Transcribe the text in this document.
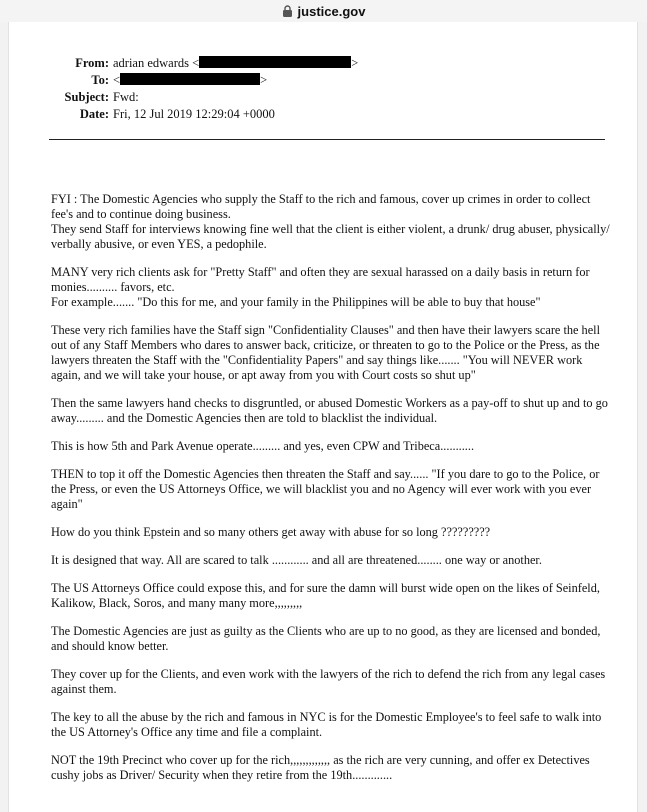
justice.gov
From: adrian edwards <	>
To: <	>
Subject: Fwd:
Date: Fri, 12 Jul 2019 12:29:04 +0000

FYI : The Domestic Agencies who supply the Staff to the rich and famous, cover up crimes in order to collect fee's and to continue doing business.
They send Staff for interviews knowing fine well that the client is either violent, a drunk/ drug abuser, physically/ verbally abusive, or even YES, a pedophile.

MANY very rich clients ask for "Pretty Staff" and often they are sexual harassed on a daily basis in return for monies.......... favors, etc.
For example....... "Do this for me, and your family in the Philippines will be able to buy that house"

These very rich families have the Staff sign "Confidentiality Clauses" and then have their lawyers scare the hell out of any Staff Members who dares to answer back, criticize, or threaten to go to the Police or the Press, as the lawyers threaten the Staff with the "Confidentiality Papers" and say things like....... "You will NEVER work again, and we will take your house, or apt away from you with Court costs so shut up"

Then the same lawyers hand checks to disgruntled, or abused Domestic Workers as a pay-off to shut up and to go away......... and the Domestic Agencies then are told to blacklist the individual.

This is how 5th and Park Avenue operate......... and yes, even CPW and Tribeca...........

THEN to top it off the Domestic Agencies then threaten the Staff and say...... "If you dare to go to the Police, or the Press, or even the US Attorneys Office, we will blacklist you and no Agency will ever work with you ever again"

How do you think Epstein and so many others get away with abuse for so long ?????????

It is designed that way. All are scared to talk ............ and all are threatened........ one way or another.

The US Attorneys Office could expose this, and for sure the damn will burst wide open on the likes of Seinfeld, Kalikow, Black, Soros, and many many more,,,,,,,,,

The Domestic Agencies are just as guilty as the Clients who are up to no good, as they are licensed and bonded, and should know better.

They cover up for the Clients, and even work with the lawyers of the rich to defend the rich from any legal cases against them.

The key to all the abuse by the rich and famous in NYC is for the Domestic Employee's to feel safe to walk into the US Attorney's Office any time and file a complaint.

NOT the 19th Precinct who cover up for the rich,,,,,,,,,,,,, as the rich are very cunning, and offer ex Detectives cushy jobs as Driver/ Security when they retire from the 19th.............
